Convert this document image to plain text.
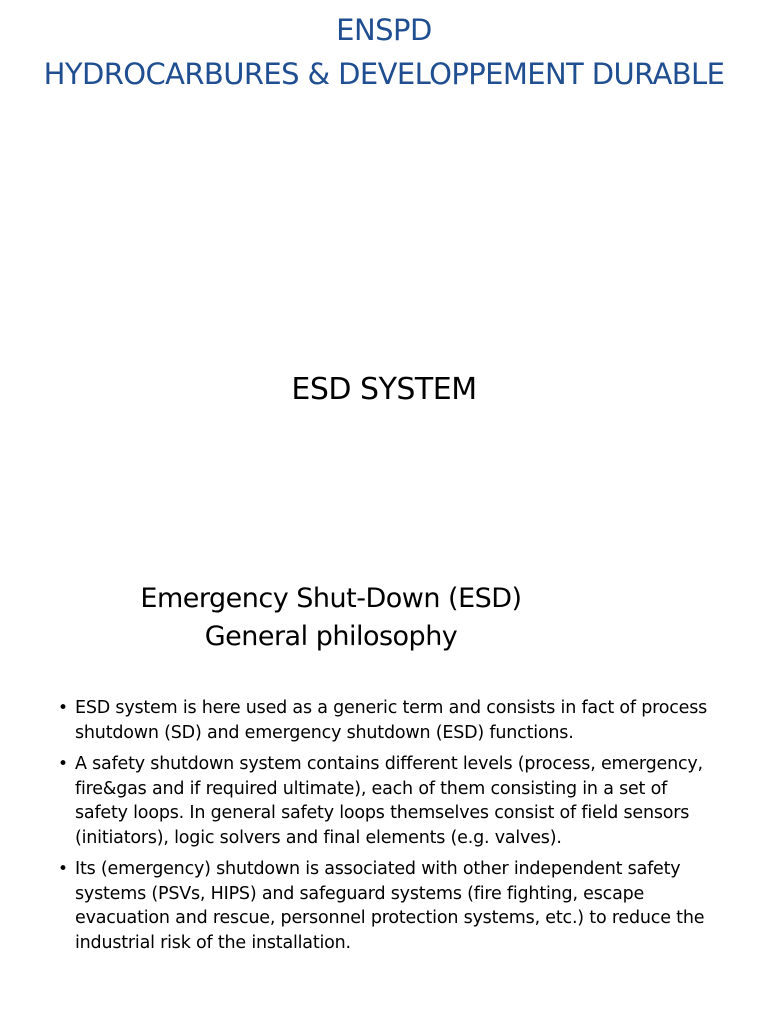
ENSPD
HYDROCARBURES & DEVELOPPEMENT DURABLE
ESD SYSTEM
Emergency Shut-Down (ESD)
General philosophy
• ESD system is here used as a generic term and consists in fact of process shutdown (SD) and emergency shutdown (ESD) functions.
• A safety shutdown system contains different levels (process, emergency, fire&gas and if required ultimate), each of them consisting in a set of safety loops. In general safety loops themselves consist of field sensors (initiators), logic solvers and final elements (e.g. valves).
• Its (emergency) shutdown is associated with other independent safety systems (PSVs, HIPS) and safeguard systems (fire fighting, escape evacuation and rescue, personnel protection systems, etc.) to reduce the industrial risk of the installation.
